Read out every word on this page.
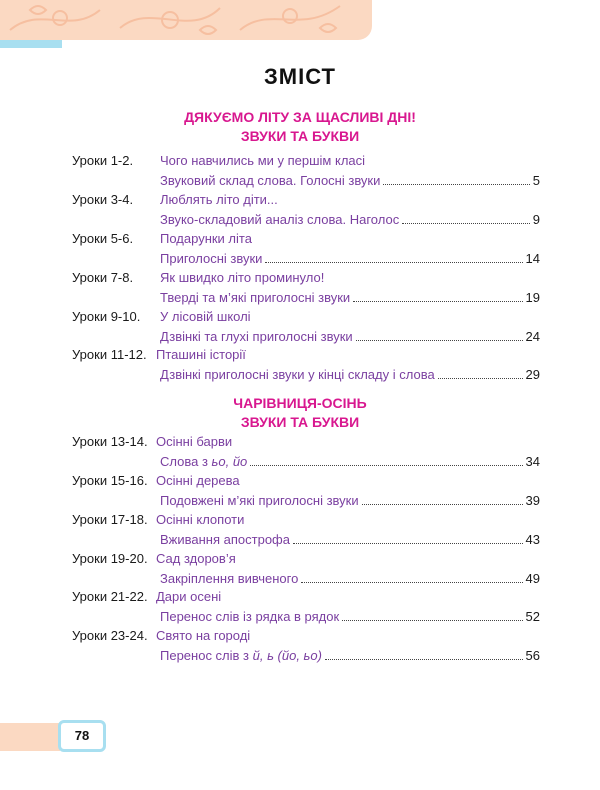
ЗМІСТ
ДЯКУЄМО ЛІТУ ЗА ЩАСЛИВІ ДНІ!
ЗВУКИ ТА БУКВИ
Уроки 1-2. Чого навчились ми у першім класі
Звуковий склад слова. Голосні звуки	5
Уроки 3-4. Люблять літо діти...
Звуко-складовий аналіз слова. Наголос	9
Уроки 5-6. Подарунки літа
Приголосні звуки	14
Уроки 7-8. Як швидко літо проминуло!
Тверді та м’які приголосні звуки	19
Уроки 9-10. У лісовій школі
Дзвінкі та глухі приголосні звуки	24
Уроки 11-12. Пташині історії
Дзвінкі приголосні звуки у кінці складу і слова	29
ЧАРІВНИЦЯ-ОСІНЬ
ЗВУКИ ТА БУКВИ
Уроки 13-14. Осінні барви
Слова з ьо, йо	34
Уроки 15-16. Осінні дерева
Подовжені м’які приголосні звуки	39
Уроки 17-18. Осінні клопоти
Вживання апострофа	43
Уроки 19-20. Сад здоров’я
Закріплення вивченого	49
Уроки 21-22. Дари осені
Перенос слів із рядка в рядок	52
Уроки 23-24. Свято на городі
Перенос слів з й, ь (йо, ьо)	56
78
